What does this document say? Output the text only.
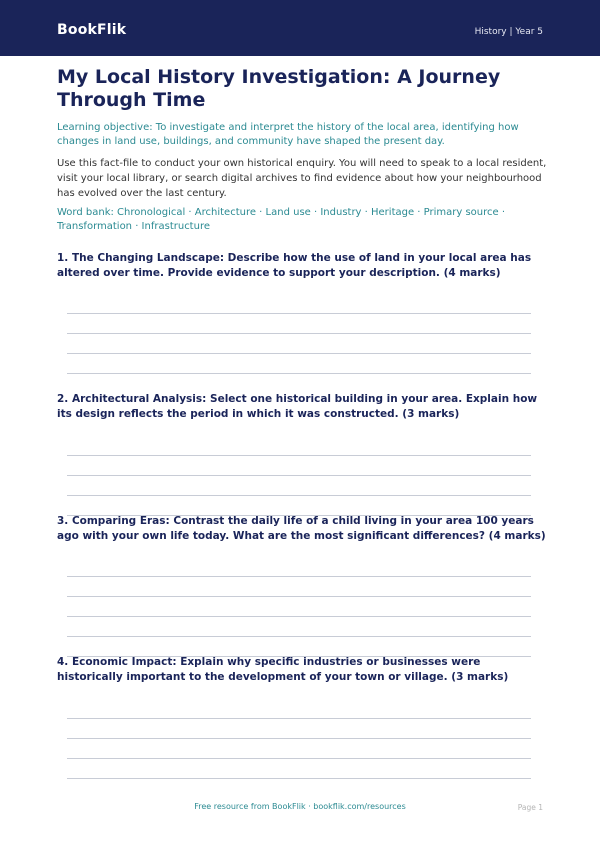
BookFlik	History | Year 5
My Local History Investigation: A Journey Through Time

Learning objective: To investigate and interpret the history of the local area, identifying how changes in land use, buildings, and community have shaped the present day.

Use this fact-file to conduct your own historical enquiry. You will need to speak to a local resident, visit your local library, or search digital archives to find evidence about how your neighbourhood has evolved over the last century.

Word bank: Chronological · Architecture · Land use · Industry · Heritage · Primary source · Transformation · Infrastructure

1. The Changing Landscape: Describe how the use of land in your local area has altered over time. Provide evidence to support your description. (4 marks)

2. Architectural Analysis: Select one historical building in your area. Explain how its design reflects the period in which it was constructed. (3 marks)

3. Comparing Eras: Contrast the daily life of a child living in your area 100 years ago with your own life today. What are the most significant differences? (4 marks)

4. Economic Impact: Explain why specific industries or businesses were historically important to the development of your town or village. (3 marks)

Free resource from BookFlik · bookflik.com/resources	Page 1
